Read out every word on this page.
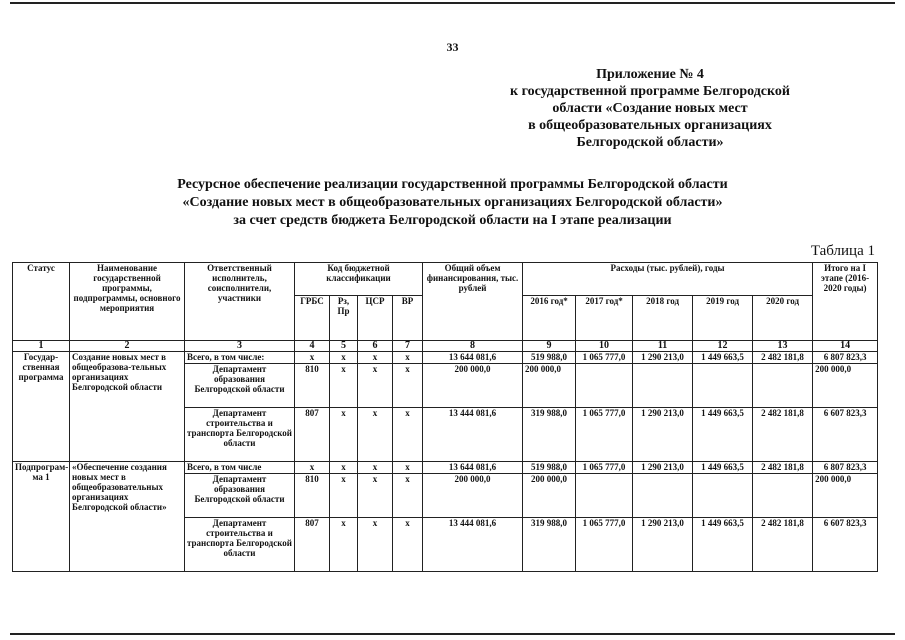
33
Приложение № 4
к государственной программе Белгородской
области «Создание новых мест
в общеобразовательных организациях
Белгородской области»
Ресурсное обеспечение реализации государственной программы Белгородской области
«Создание новых мест в общеобразовательных организациях Белгородской области»
за счет средств бюджета Белгородской области на I этапе реализации
Таблица 1
Статус	Наименование государственной программы, подпрограммы, основного мероприятия	Ответственный исполнитель, соисполнители, участники	Код бюджетной классификации				Общий объем финансирования, тыс. рублей	Расходы (тыс. рублей), годы					Итого на I этапе (2016-2020 годы)
			ГРБС	Рз, Пр	ЦСР	ВР		2016 год*	2017 год*	2018 год	2019 год	2020 год	
1	2	3	4	5	6	7	8	9	10	11	12	13	14
Государ-ственная программа	Создание новых мест в общеобразова-тельных организациях Белгородской области	Всего, в том числе:	x	x	x	x	13 644 081,6	519 988,0	1 065 777,0	1 290 213,0	1 449 663,5	2 482 181,8	6 807 823,3
		Департамент образования Белгородской области	810	x	x	x	200 000,0	200 000,0					200 000,0
		Департамент строительства и транспорта Белгородской области	807	x	x	x	13 444 081,6	319 988,0	1 065 777,0	1 290 213,0	1 449 663,5	2 482 181,8	6 607 823,3
Подпрограм-ма 1	«Обеспечение создания новых мест в общеобразовательных организациях Белгородской области»	Всего, в том числе	x	x	x	x	13 644 081,6	519 988,0	1 065 777,0	1 290 213,0	1 449 663,5	2 482 181,8	6 807 823,3
		Департамент образования Белгородской области	810	x	x	x	200 000,0	200 000,0					200 000,0
		Департамент строительства и транспорта Белгородской области	807	x	x	x	13 444 081,6	319 988,0	1 065 777,0	1 290 213,0	1 449 663,5	2 482 181,8	6 607 823,3
